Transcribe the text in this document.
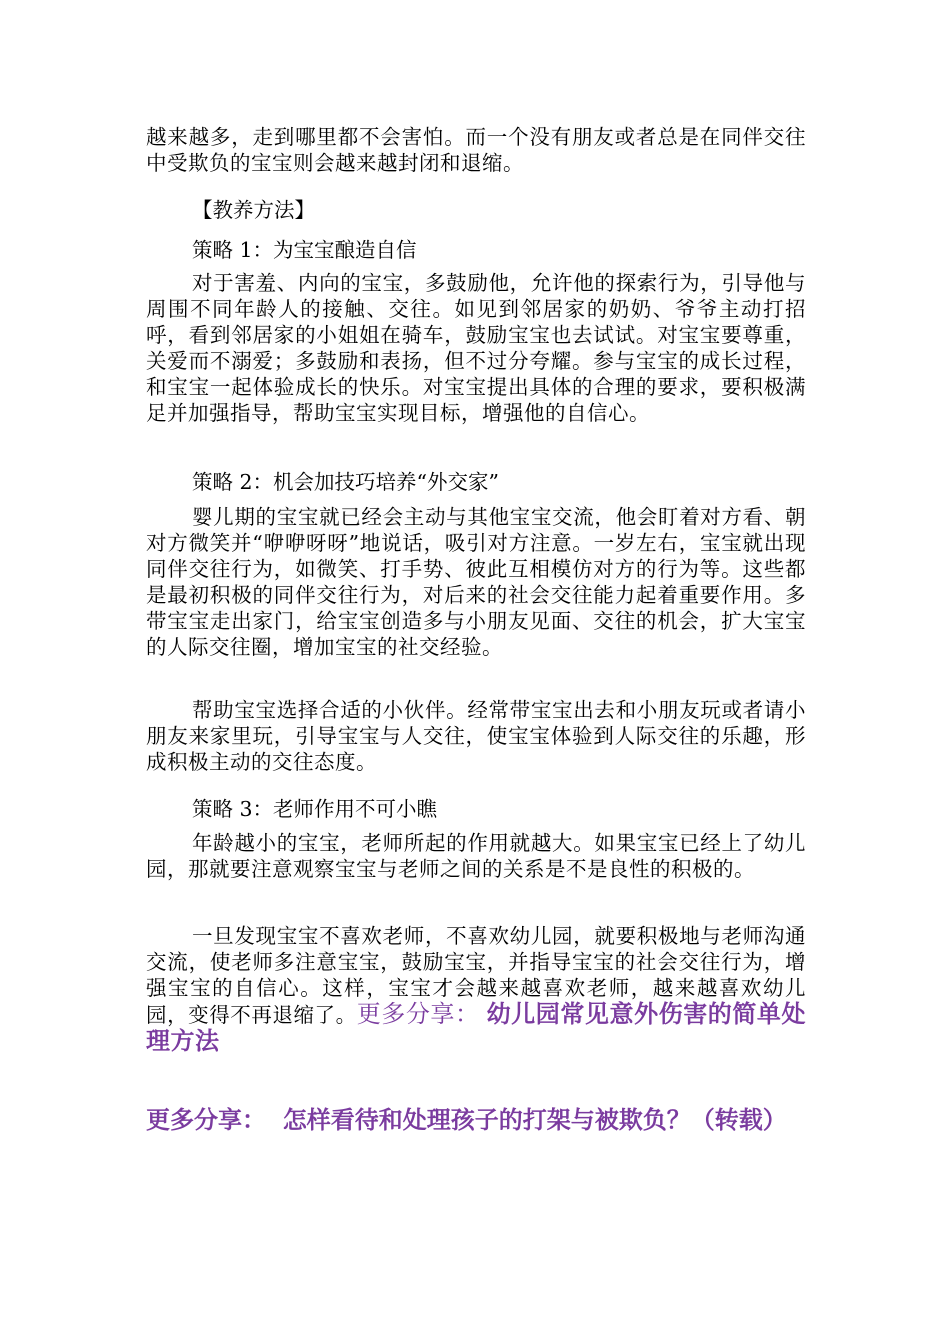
越来越多，走到哪里都不会害怕。而一个没有朋友或者总是在同伴交往中受欺负的宝宝则会越来越封闭和退缩。

【教养方法】

策略 1：为宝宝酿造自信

对于害羞、内向的宝宝，多鼓励他，允许他的探索行为，引导他与周围不同年龄人的接触、交往。如见到邻居家的奶奶、爷爷主动打招呼，看到邻居家的小姐姐在骑车，鼓励宝宝也去试试。对宝宝要尊重，关爱而不溺爱；多鼓励和表扬，但不过分夸耀。参与宝宝的成长过程，和宝宝一起体验成长的快乐。对宝宝提出具体的合理的要求，要积极满足并加强指导，帮助宝宝实现目标，增强他的自信心。

策略 2：机会加技巧培养“外交家”

婴儿期的宝宝就已经会主动与其他宝宝交流，他会盯着对方看、朝对方微笑并“咿咿呀呀”地说话，吸引对方注意。一岁左右，宝宝就出现同伴交往行为，如微笑、打手势、彼此互相模仿对方的行为等。这些都是最初积极的同伴交往行为，对后来的社会交往能力起着重要作用。多带宝宝走出家门，给宝宝创造多与小朋友见面、交往的机会，扩大宝宝的人际交往圈，增加宝宝的社交经验。

帮助宝宝选择合适的小伙伴。经常带宝宝出去和小朋友玩或者请小朋友来家里玩，引导宝宝与人交往，使宝宝体验到人际交往的乐趣，形成积极主动的交往态度。

策略 3：老师作用不可小瞧

年龄越小的宝宝，老师所起的作用就越大。如果宝宝已经上了幼儿园，那就要注意观察宝宝与老师之间的关系是不是良性的积极的。

一旦发现宝宝不喜欢老师，不喜欢幼儿园，就要积极地与老师沟通交流，使老师多注意宝宝，鼓励宝宝，并指导宝宝的社会交往行为，增强宝宝的自信心。这样，宝宝才会越来越喜欢老师，越来越喜欢幼儿园，变得不再退缩了。更多分享： 幼儿园常见意外伤害的简单处理方法

更多分享： 怎样看待和处理孩子的打架与被欺负？（转载）
